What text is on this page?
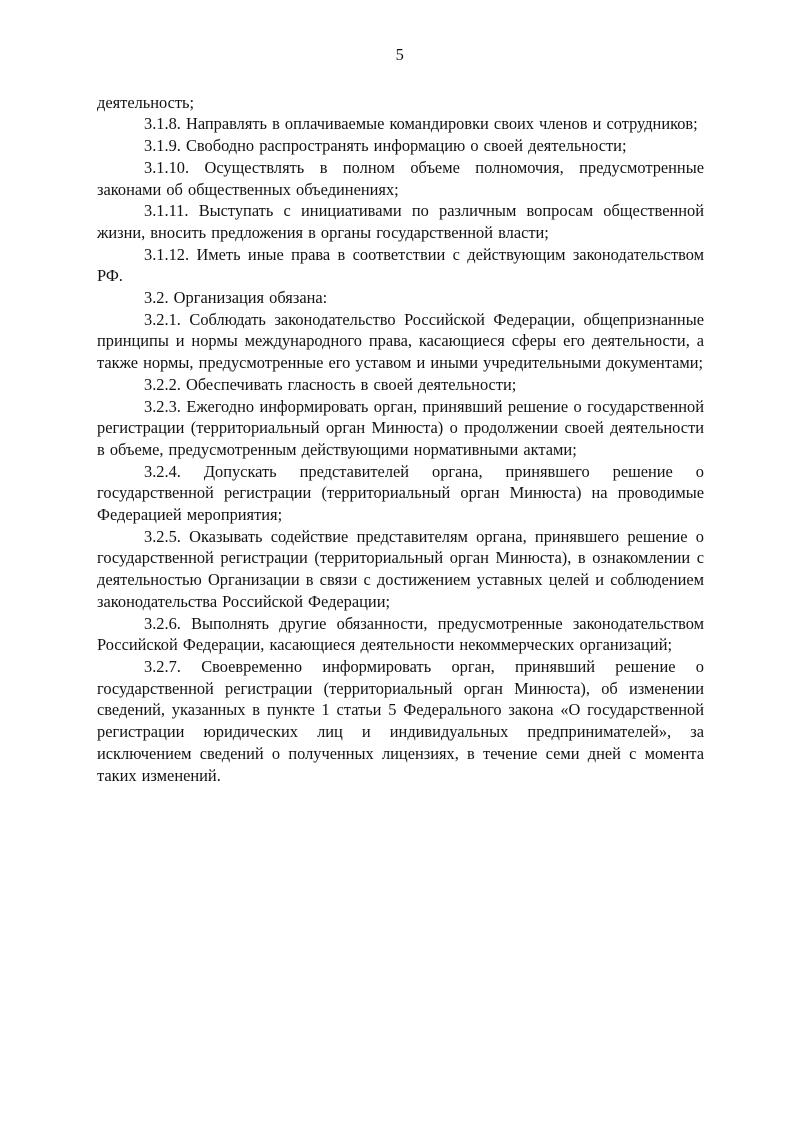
5

деятельность;

3.1.8. Направлять в оплачиваемые командировки своих членов и сотрудников;

3.1.9. Свободно распространять информацию о своей деятельности;

3.1.10. Осуществлять в полном объеме полномочия, предусмотренные законами об общественных объединениях;

3.1.11. Выступать с инициативами по различным вопросам общественной жизни, вносить предложения в органы государственной власти;

3.1.12. Иметь иные права в соответствии с действующим законодательством РФ.

3.2. Организация обязана:

3.2.1. Соблюдать законодательство Российской Федерации, общепризнанные принципы и нормы международного права, касающиеся сферы его деятельности, а также нормы, предусмотренные его уставом и иными учредительными документами;

3.2.2. Обеспечивать гласность в своей деятельности;

3.2.3. Ежегодно информировать орган, принявший решение о государственной регистрации (территориальный орган Минюста) о продолжении своей деятельности в объеме, предусмотренным действующими нормативными актами;

3.2.4. Допускать представителей органа, принявшего решение о государственной регистрации (территориальный орган Минюста) на проводимые Федерацией мероприятия;

3.2.5. Оказывать содействие представителям органа, принявшего решение о государственной регистрации (территориальный орган Минюста), в ознакомлении с деятельностью Организации в связи с достижением уставных целей и соблюдением законодательства Российской Федерации;

3.2.6. Выполнять другие обязанности, предусмотренные законодательством Российской Федерации, касающиеся деятельности некоммерческих организаций;

3.2.7. Своевременно информировать орган, принявший решение о государственной регистрации (территориальный орган Минюста), об изменении сведений, указанных в пункте 1 статьи 5 Федерального закона «О государственной регистрации юридических лиц и индивидуальных предпринимателей», за исключением сведений о полученных лицензиях, в течение семи дней с момента таких изменений.
